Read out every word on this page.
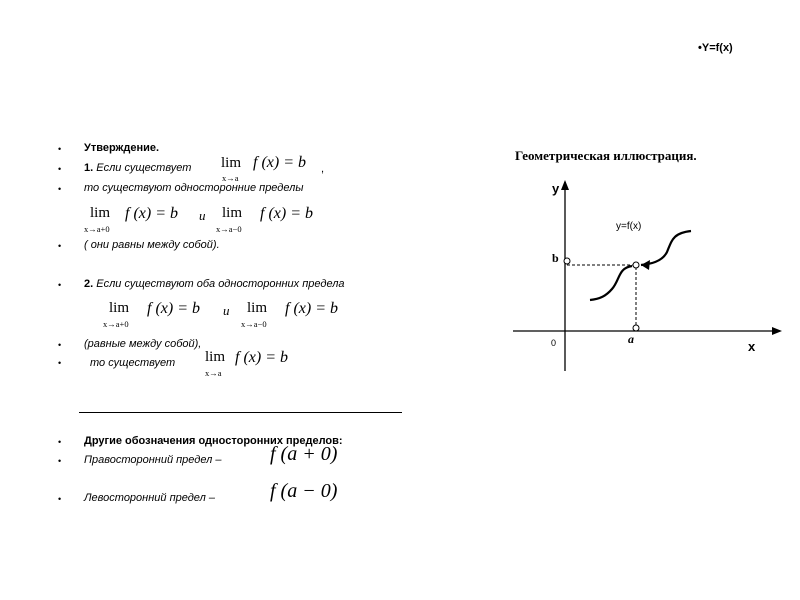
•Y=f(x)
•
•
•
•
•
•
•
•
•
•
Утверждение.
1. Если существует lim
x→a
f (x) = b ,
то существуют односторонние пределы
lim
x→a+0
f (x) = b и lim
x→a−0
f (x) = b
( они равны между собой).
2. Если существуют оба односторонних предела
lim
x→a+0
f (x) = b и lim
x→a−0
f (x) = b
(равные между собой),
то существует lim
x→a
f (x) = b
Другие обозначения односторонних пределов:
Правосторонний предел – f (a + 0)
Левосторонний предел –	f (a − 0)
Геометрическая иллюстрация.
y
x
0
b
a
y=f(x)
